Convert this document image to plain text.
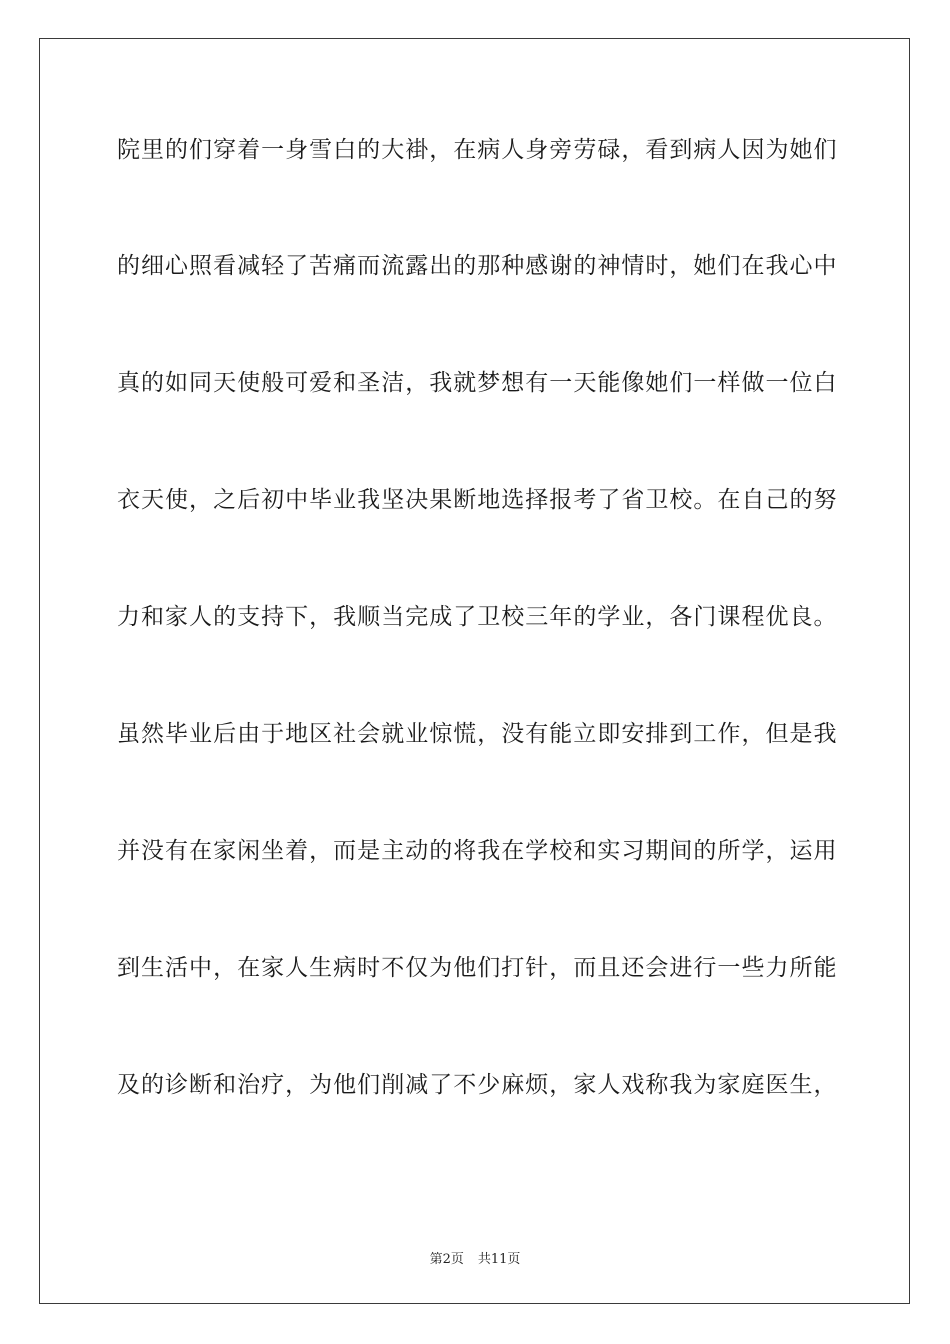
院里的们穿着一身雪白的大褂，在病人身旁劳碌，看到病人因为她们
的细心照看减轻了苦痛而流露出的那种感谢的神情时，她们在我心中
真的如同天使般可爱和圣洁，我就梦想有一天能像她们一样做一位白
衣天使，之后初中毕业我坚决果断地选择报考了省卫校。在自己的努
力和家人的支持下，我顺当完成了卫校三年的学业，各门课程优良。
虽然毕业后由于地区社会就业惊慌，没有能立即安排到工作，但是我
并没有在家闲坐着，而是主动的将我在学校和实习期间的所学，运用
到生活中，在家人生病时不仅为他们打针，而且还会进行一些力所能
及的诊断和治疗，为他们削减了不少麻烦，家人戏称我为家庭医生，
第2页 共11页
